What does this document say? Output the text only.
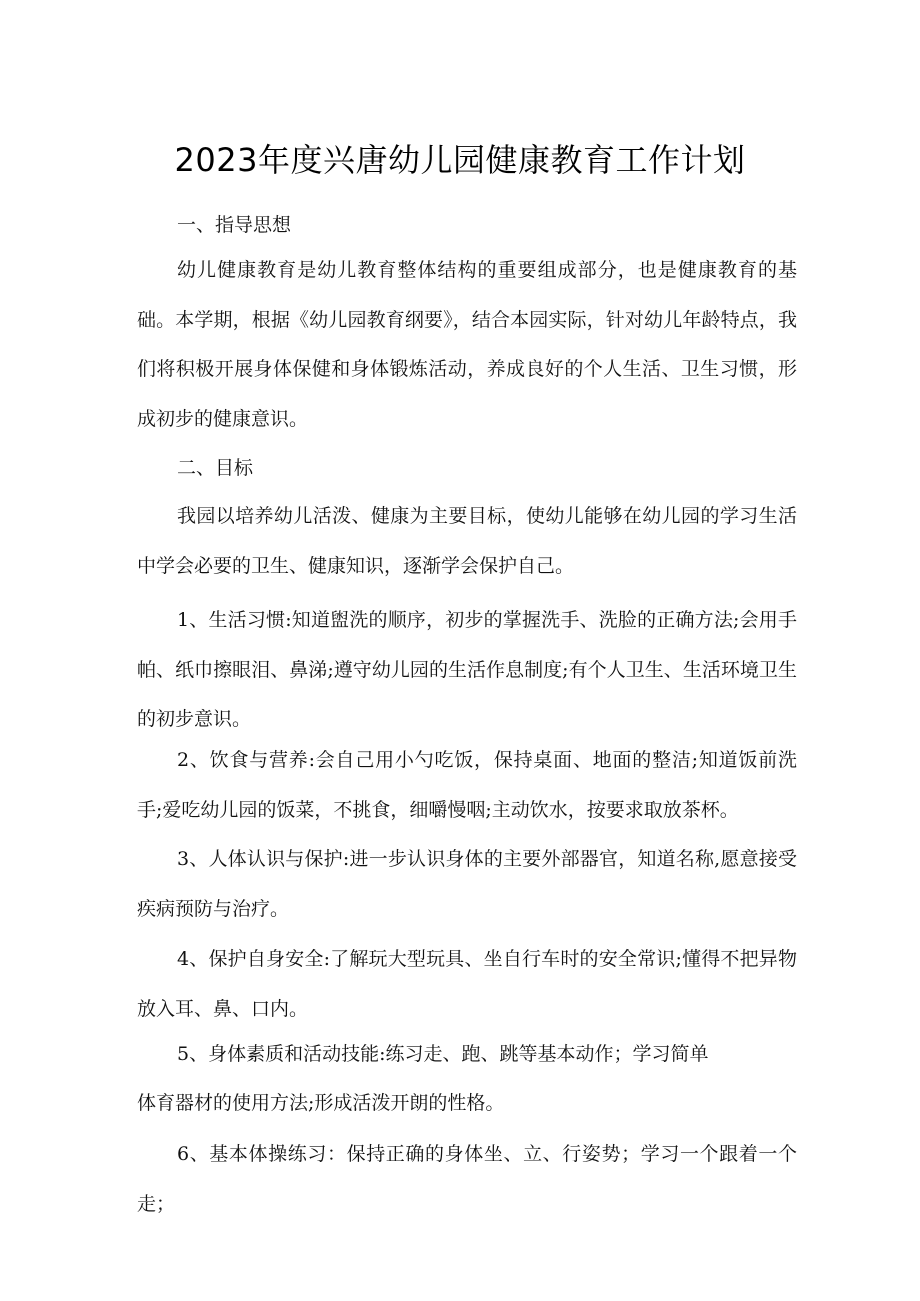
2023年度兴唐幼儿园健康教育工作计划
一、指导思想
幼儿健康教育是幼儿教育整体结构的重要组成部分，也是健康教育的基础。本学期，根据《幼儿园教育纲要》，结合本园实际，针对幼儿年龄特点，我们将积极开展身体保健和身体锻炼活动，养成良好的个人生活、卫生习惯，形成初步的健康意识。
二、目标
我园以培养幼儿活泼、健康为主要目标，使幼儿能够在幼儿园的学习生活中学会必要的卫生、健康知识，逐渐学会保护自己。
1、生活习惯:知道盥洗的顺序，初步的掌握洗手、洗脸的正确方法;会用手帕、纸巾擦眼泪、鼻涕;遵守幼儿园的生活作息制度;有个人卫生、生活环境卫生的初步意识。
2、饮食与营养:会自己用小勺吃饭，保持桌面、地面的整洁;知道饭前洗手;爱吃幼儿园的饭菜，不挑食，细嚼慢咽;主动饮水，按要求取放茶杯。
3、人体认识与保护:进一步认识身体的主要外部器官，知道名称,愿意接受疾病预防与治疗。
4、保护自身安全:了解玩大型玩具、坐自行车时的安全常识;懂得不把异物放入耳、鼻、口内。
5、身体素质和活动技能:练习走、跑、跳等基本动作；学习简单
体育器材的使用方法;形成活泼开朗的性格。
6、基本体操练习：保持正确的身体坐、立、行姿势；学习一个跟着一个走；
